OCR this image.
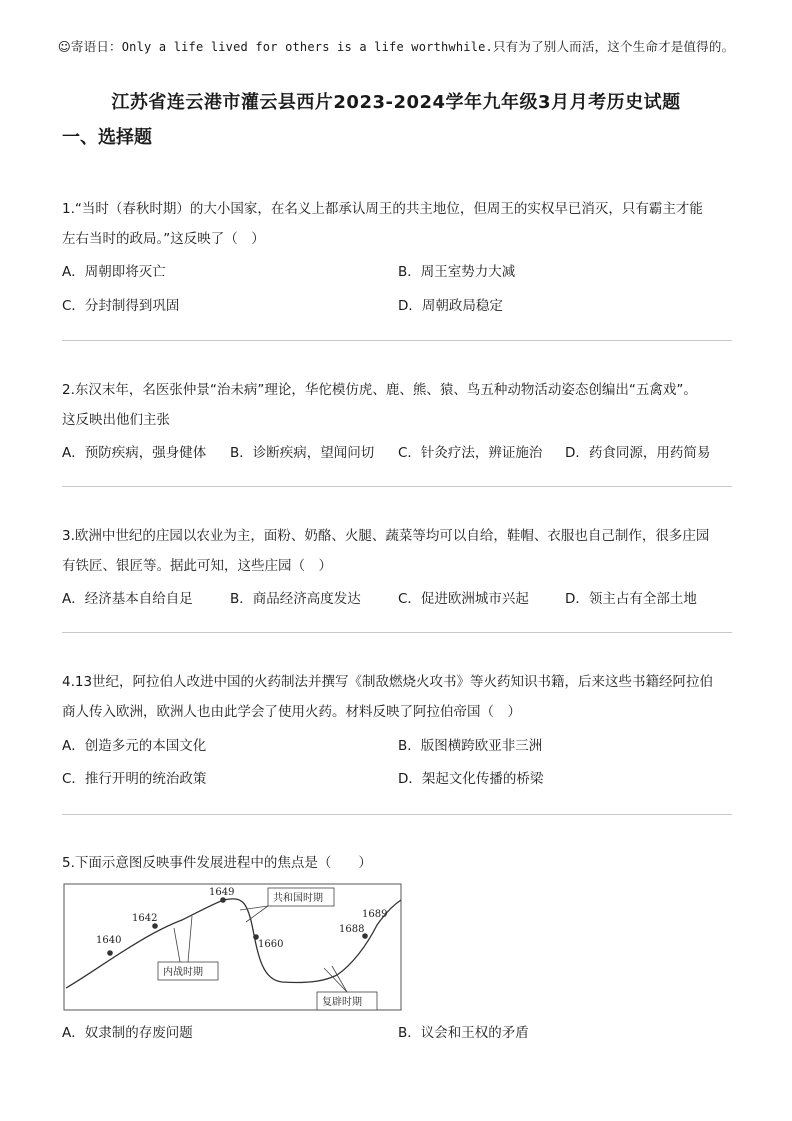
☺寄语日：Only a life lived for others is a life worthwhile.只有为了别人而活，这个生命才是值得的。
江苏省连云港市灌云县西片2023-2024学年九年级3月月考历史试题
一、选择题
1.“当时（春秋时期）的大小国家，在名义上都承认周王的共主地位，但周王的实权早已消灭，只有霸主才能
左右当时的政局。”这反映了（　）
A．周朝即将灭亡	B．周王室势力大减
C．分封制得到巩固	D．周朝政局稳定
2.东汉末年，名医张仲景“治未病”理论，华佗模仿虎、鹿、熊、猿、鸟五种动物活动姿态创编出“五禽戏”。
这反映出他们主张
A．预防疾病，强身健体 B．诊断疾病，望闻问切 C．针灸疗法，辨证施治 D．药食同源，用药简易
3.欧洲中世纪的庄园以农业为主，面粉、奶酪、火腿、蔬菜等均可以自给，鞋帽、衣服也自己制作，很多庄园
有铁匠、银匠等。据此可知，这些庄园（　）
A．经济基本自给自足	B．商品经济高度发达	C．促进欧洲城市兴起	D．领主占有全部土地
4.13世纪，阿拉伯人改进中国的火药制法并撰写《制敌燃烧火攻书》等火药知识书籍，后来这些书籍经阿拉伯
商人传入欧洲，欧洲人也由此学会了使用火药。材料反映了阿拉伯帝国（　）
A．创造多元的本国文化	B．版图横跨欧亚非三洲
C．推行开明的统治政策	D．架起文化传播的桥梁
5.下面示意图反映事件发展进程中的焦点是（　　）
1640
1642
1649
1660
1688
1689
内战时期
共和国时期
复辟时期
A．奴隶制的存废问题	B．议会和王权的矛盾
